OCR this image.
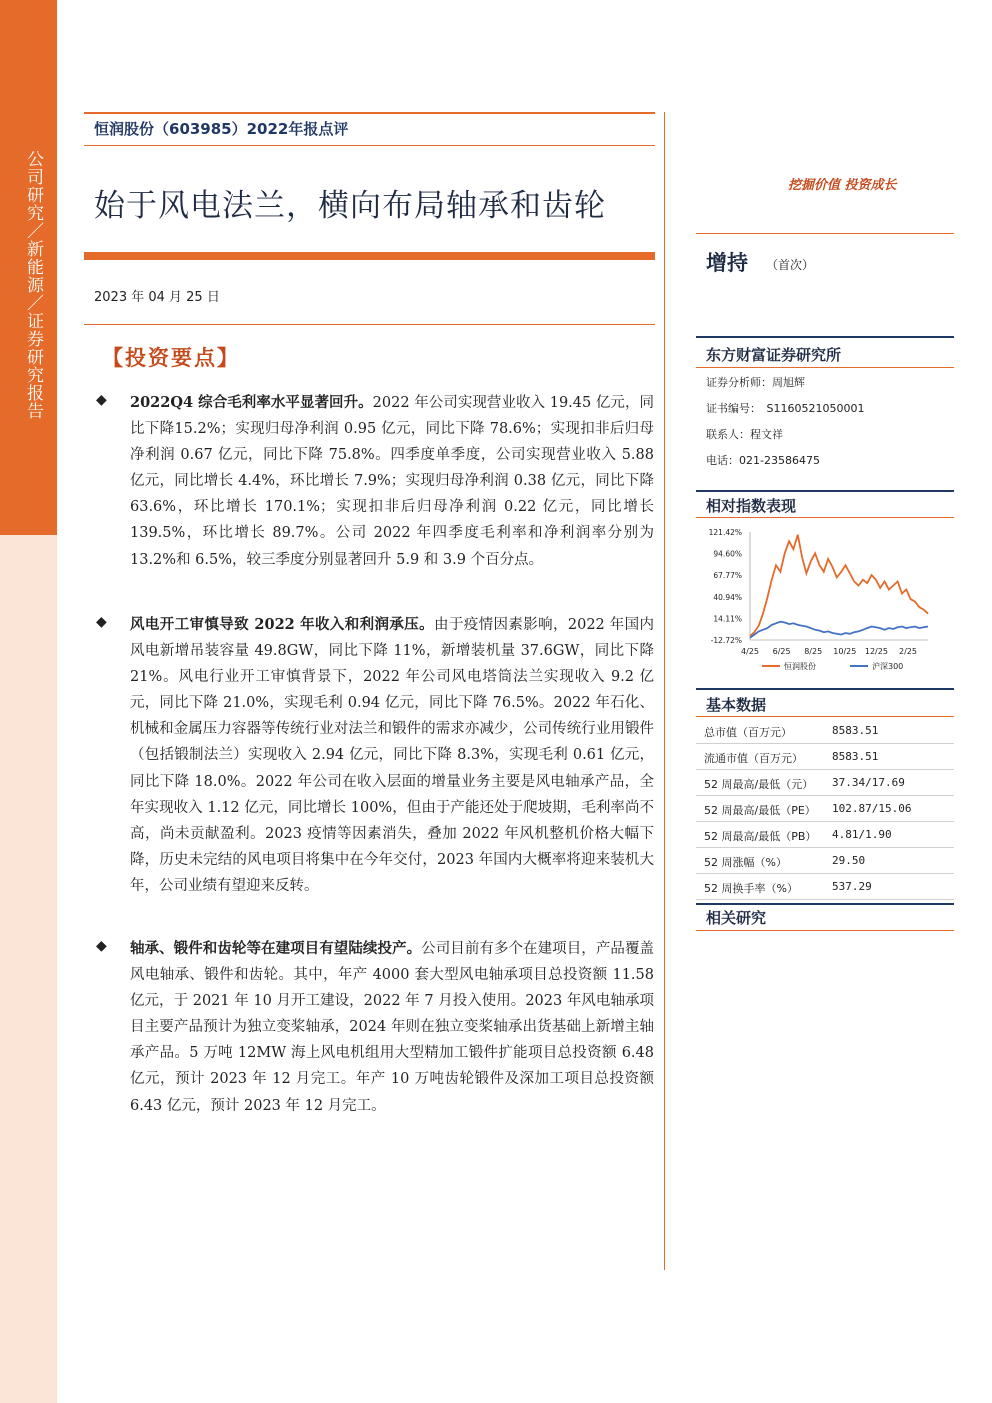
公司研究／新能源／证券研究报告
恒润股份（603985）2022年报点评
始于风电法兰，横向布局轴承和齿轮
2023 年 04 月 25 日
【投资要点】
◆	2022Q4 综合毛利率水平显著回升。2022 年公司实现营业收入 19.45 亿元，同比下降15.2%；实现归母净利润 0.95 亿元，同比下降 78.6%；实现扣非后归母净利润 0.67 亿元，同比下降 75.8%。四季度单季度，公司实现营业收入 5.88 亿元，同比增长 4.4%，环比增长 7.9%；实现归母净利润 0.38 亿元，同比下降 63.6%，环比增长 170.1%；实现扣非后归母净利润 0.22 亿元，同比增长 139.5%，环比增长 89.7%。公司 2022 年四季度毛利率和净利润率分别为 13.2%和 6.5%，较三季度分别显著回升 5.9 和 3.9 个百分点。
◆	风电开工审慎导致 2022 年收入和利润承压。由于疫情因素影响，2022 年国内风电新增吊装容量 49.8GW，同比下降 11%，新增装机量 37.6GW，同比下降 21%。风电行业开工审慎背景下，2022 年公司风电塔筒法兰实现收入 9.2 亿元，同比下降 21.0%，实现毛利 0.94 亿元，同比下降 76.5%。2022 年石化、机械和金属压力容器等传统行业对法兰和锻件的需求亦减少，公司传统行业用锻件（包括锻制法兰）实现收入 2.94 亿元，同比下降 8.3%，实现毛利 0.61 亿元，同比下降 18.0%。2022 年公司在收入层面的增量业务主要是风电轴承产品，全年实现收入 1.12 亿元，同比增长 100%，但由于产能还处于爬坡期，毛利率尚不高，尚未贡献盈利。2023 疫情等因素消失，叠加 2022 年风机整机价格大幅下降，历史未完结的风电项目将集中在今年交付，2023 年国内大概率将迎来装机大年，公司业绩有望迎来反转。
◆	轴承、锻件和齿轮等在建项目有望陆续投产。公司目前有多个在建项目，产品覆盖风电轴承、锻件和齿轮。其中，年产 4000 套大型风电轴承项目总投资额 11.58 亿元，于 2021 年 10 月开工建设，2022 年 7 月投入使用。2023 年风电轴承项目主要产品预计为独立变桨轴承，2024 年则在独立变桨轴承出货基础上新增主轴承产品。5 万吨 12MW 海上风电机组用大型精加工锻件扩能项目总投资额 6.48 亿元，预计 2023 年 12 月完工。年产 10 万吨齿轮锻件及深加工项目总投资额 6.43 亿元，预计 2023 年 12 月完工。
挖掘价值 投资成长
增持 （首次）
东方财富证券研究所
证券分析师：周旭辉
证书编号：　S1160521050001
联系人：程文祥
电话：021-23586475
相对指数表现
121.42%
94.60%
67.77%
40.94%
14.11%
-12.72%
4/25 6/25 8/25 10/25 12/25 2/25
恒润股份	沪深300
基本数据
总市值（百万元）	8583.51
流通市值（百万元）	8583.51
52 周最高/最低（元） 37.34/17.69
52 周最高/最低（PE） 102.87/15.06
52 周最高/最低（PB） 4.81/1.90
52 周涨幅（%）	29.50
52 周换手率（%）	537.29
相关研究
